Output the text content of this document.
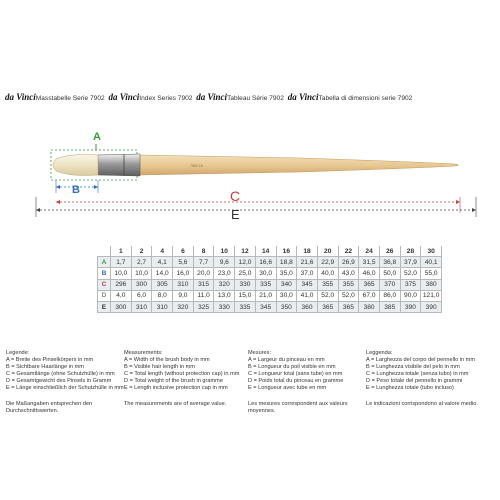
da VinciMasstabelle Serie 7902 da VinciIndex Series 7902 da VinciTableau Série 7902 da VinciTabella di dimensioni serie 7902
A
7902 16
B	C
E
	1	2	4	6	8	10	12	14	16	18	20	22	24	26	28	30
A	1,7	2,7	4,1	5,6	7,7	9,6	12,0	16,6	18,8	21,6	22,9	26,9	31,5	36,8	37,9	40,1
B	10,0	10,0	14,0	16,0	20,0	23,0	25,0	30,0	35,0	37,0	40,0	43,0	46,0	50,0	52,0	55,0
C	296	300	305	310	315	320	330	335	340	345	355	355	365	370	375	380
D	4,0	6,0	8,0	9,0	11,0	13,0	15,0	21,0	30,0	41,0	52,0	52,0	67,0	86,0	90,0	121,0
E	300	310	310	320	325	330	335	345	350	360	365	365	380	385	390	390
Legende:
A = Breite des Pinselkörpers in mm
B = Sichtbare Haarlänge in mm
C = Gesamtlänge (ohne Schutzhülle) in mm
D = Gesamtgewicht des Pinsels in Gramm
E = Länge einschließlich der Schutzhülle in mm
Die Maßangaben entsprechen den
Durchschnittswerten.
Measurements:
A = Width of the brush body in mm
B = Visible hair length in mm
C = Total length (without protection cap) in mm
D = Total weight of the brush in gramme
E = Length inclusive protection cap in mm
The measurements are of average value.
Mesures:
A = Largeur du pinceau en mm
B = Longueur du poil visible en mm
C = Longueur total (sans tube) en mm
D = Poids total du pinceau en gramme
E = Longueur avec tube en mm
Les mesures correspondent aux valeurs
moyennes.
Leggenda:
A = Larghezza del corpo del pennello in mm
B = Lunghezza visibile del pelo in mm
C = Lunghezza totale (senza tubo) in mm
D = Peso totale del pennello in grammi
E = Lunghezza totale (tubo incluso)
Le indicazioni corrispondono al valore medio.
